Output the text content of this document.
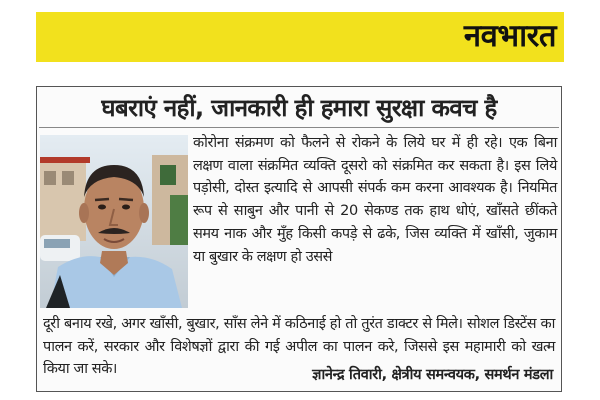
नवभारत
घबराएं नहीं, जानकारी ही हमारा सुरक्षा कवच है
कोरोना संक्रमण को फैलने से रोकने के लिये घर में ही रहे। एक बिना लक्षण वाला संक्रमित व्यक्ति दूसरो को संक्रमित कर सकता है। इस लिये पड़ोसी, दोस्त इत्यादि से आपसी संपर्क कम करना आवश्यक है। नियमित रूप से साबुन और पानी से 20 सेकण्ड तक हाथ धोएं, खाँसते छींकते समय नाक और मुँह किसी कपड़े से ढके, जिस व्यक्ति में खाँसी, जुकाम या बुखार के लक्षण हो उससे
दूरी बनाय रखे, अगर खाँसी, बुखार, साँस लेने में कठिनाई हो तो तुरंत डाक्टर से मिले। सोशल डिस्टेंस का पालन करें, सरकार और विशेषज्ञों द्वारा की गई अपील का पालन करे, जिससे इस महामारी को खत्म किया जा सके।	ज्ञानेन्द्र तिवारी, क्षेत्रीय समन्वयक, समर्थन मंडला
